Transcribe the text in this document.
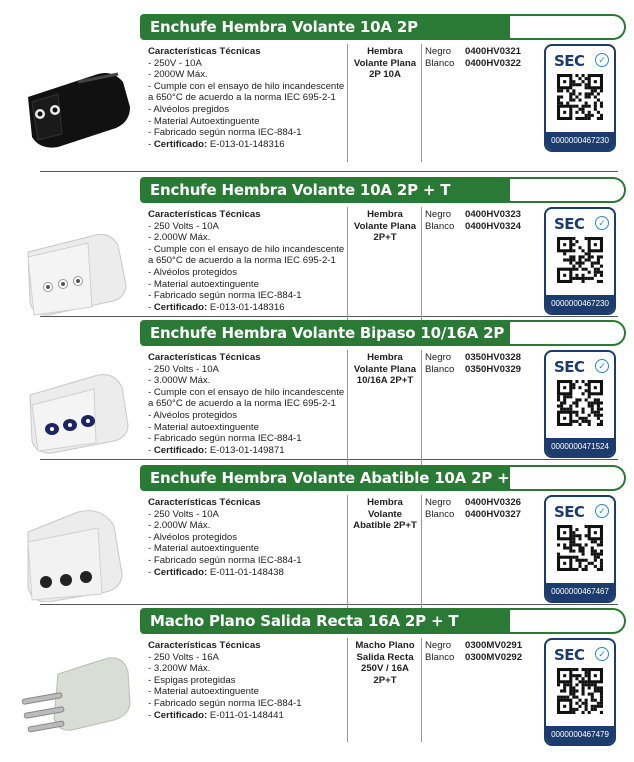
Enchufe Hembra Volante 10A 2P
Características Técnicas
- 250V - 10A
- 2000W Máx.
- Cumple con el ensayo de hilo incandescente
a 650°C de acuerdo a la norma IEC 695-2-1
- Alvéolos pregidos
- Material Autoextinguente
- Fabricado según norma IEC-884-1
- Certificado: E-013-01-148316
Hembra Volante Plana 2P 10A
Negro 0400HV0321
Blanco 0400HV0322	SEC	✓
0000000467230
Enchufe Hembra Volante 10A 2P + T
Características Técnicas
- 250 Volts - 10A
- 2.000W Máx.
- Cumple con el ensayo de hilo incandescente
a 650°C de acuerdo a la norma IEC 695-2-1
- Alvéolos protegidos
- Material autoextinguente
- Fabricado según norma IEC-884-1
- Certificado: E-013-01-148316
Hembra Volante Plana 2P+T
Negro 0400HV0323
Blanco 0400HV0324	SEC	✓
0000000467230
Enchufe Hembra Volante Bipaso 10/16A 2P + T
Características Técnicas
- 250 Volts - 10A
- 3.000W Máx.
- Cumple con el ensayo de hilo incandescente
a 650°C de acuerdo a la norma IEC 695-2-1
- Alvéolos protegidos
- Material autoextinguente
- Fabricado según norma IEC-884-1
- Certificado: E-013-01-149871
Hembra Volante Plana 10/16A 2P+T
Negro 0350HV0328
Blanco 0350HV0329	SEC	✓
0000000471524
Enchufe Hembra Volante Abatible 10A 2P + T
Características Técnicas
- 250 Volts - 10A
- 2.000W Máx.
- Alvéolos protegidos
- Material autoextinguente
- Fabricado según norma IEC-884-1
- Certificado: E-011-01-148438
Hembra Volante Abatible 2P+T
Negro 0400HV0326
Blanco 0400HV0327	SEC	✓
0000000467467
Macho Plano Salida Recta 16A 2P + T
Características Técnicas
- 250 Volts - 16A
- 3.200W Máx.
- Espigas protegidas
- Material autoextinguente
- Fabricado según norma IEC-884-1
- Certificado: E-011-01-148441
Macho Plano Salida Recta 250V / 16A 2P+T
Negro 0300MV0291
Blanco 0300MV0292	SEC	✓
0000000467479
